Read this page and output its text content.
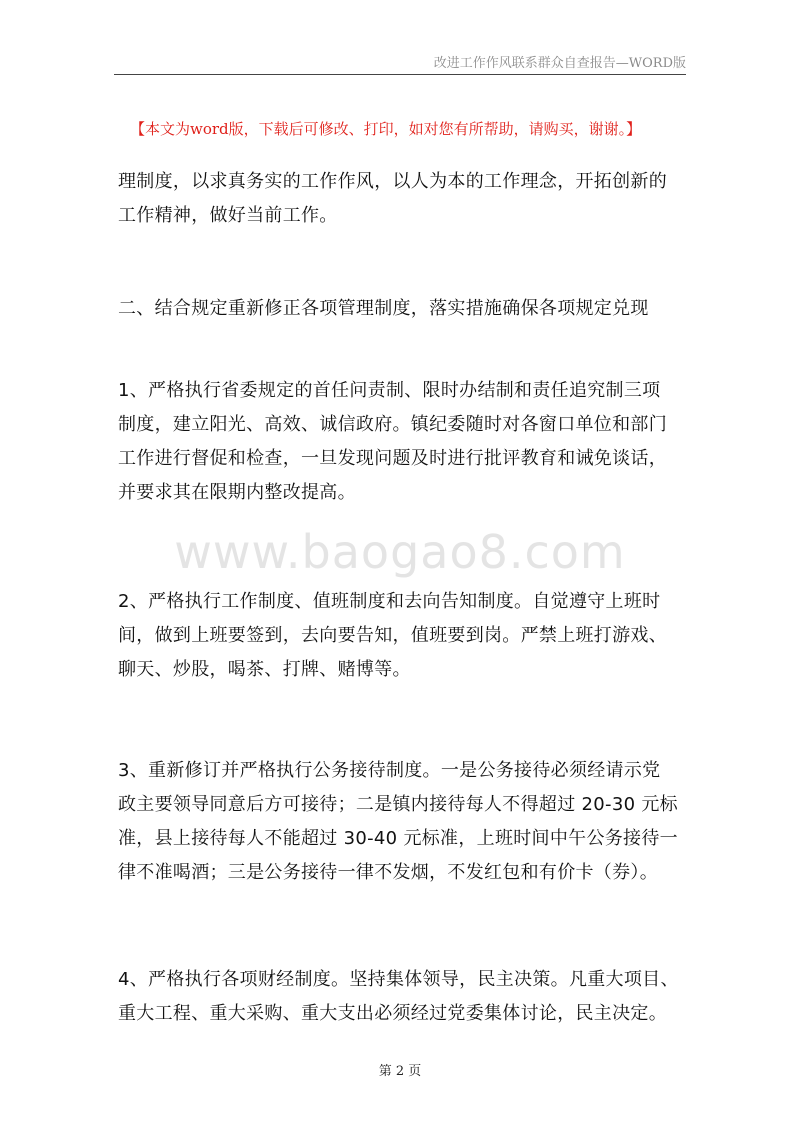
改进工作作风联系群众自查报告—WORD版
【本文为word版，下载后可修改、打印，如对您有所帮助，请购买，谢谢。】
www.baogao8.com
理制度，以求真务实的工作作风，以人为本的工作理念，开拓创新的
工作精神，做好当前工作。
二、结合规定重新修正各项管理制度，落实措施确保各项规定兑现
1、严格执行省委规定的首任问责制、限时办结制和责任追究制三项
制度，建立阳光、高效、诚信政府。镇纪委随时对各窗口单位和部门
工作进行督促和检查，一旦发现问题及时进行批评教育和诫免谈话，
并要求其在限期内整改提高。
2、严格执行工作制度、值班制度和去向告知制度。自觉遵守上班时
间，做到上班要签到，去向要告知，值班要到岗。严禁上班打游戏、
聊天、炒股，喝茶、打牌、赌博等。
3、重新修订并严格执行公务接待制度。一是公务接待必须经请示党
政主要领导同意后方可接待；二是镇内接待每人不得超过 20-30 元标
准，县上接待每人不能超过 30-40 元标准，上班时间中午公务接待一
律不准喝酒；三是公务接待一律不发烟，不发红包和有价卡（券）。
4、严格执行各项财经制度。坚持集体领导，民主决策。凡重大项目、
重大工程、重大采购、重大支出必须经过党委集体讨论，民主决定。
第 2 页
